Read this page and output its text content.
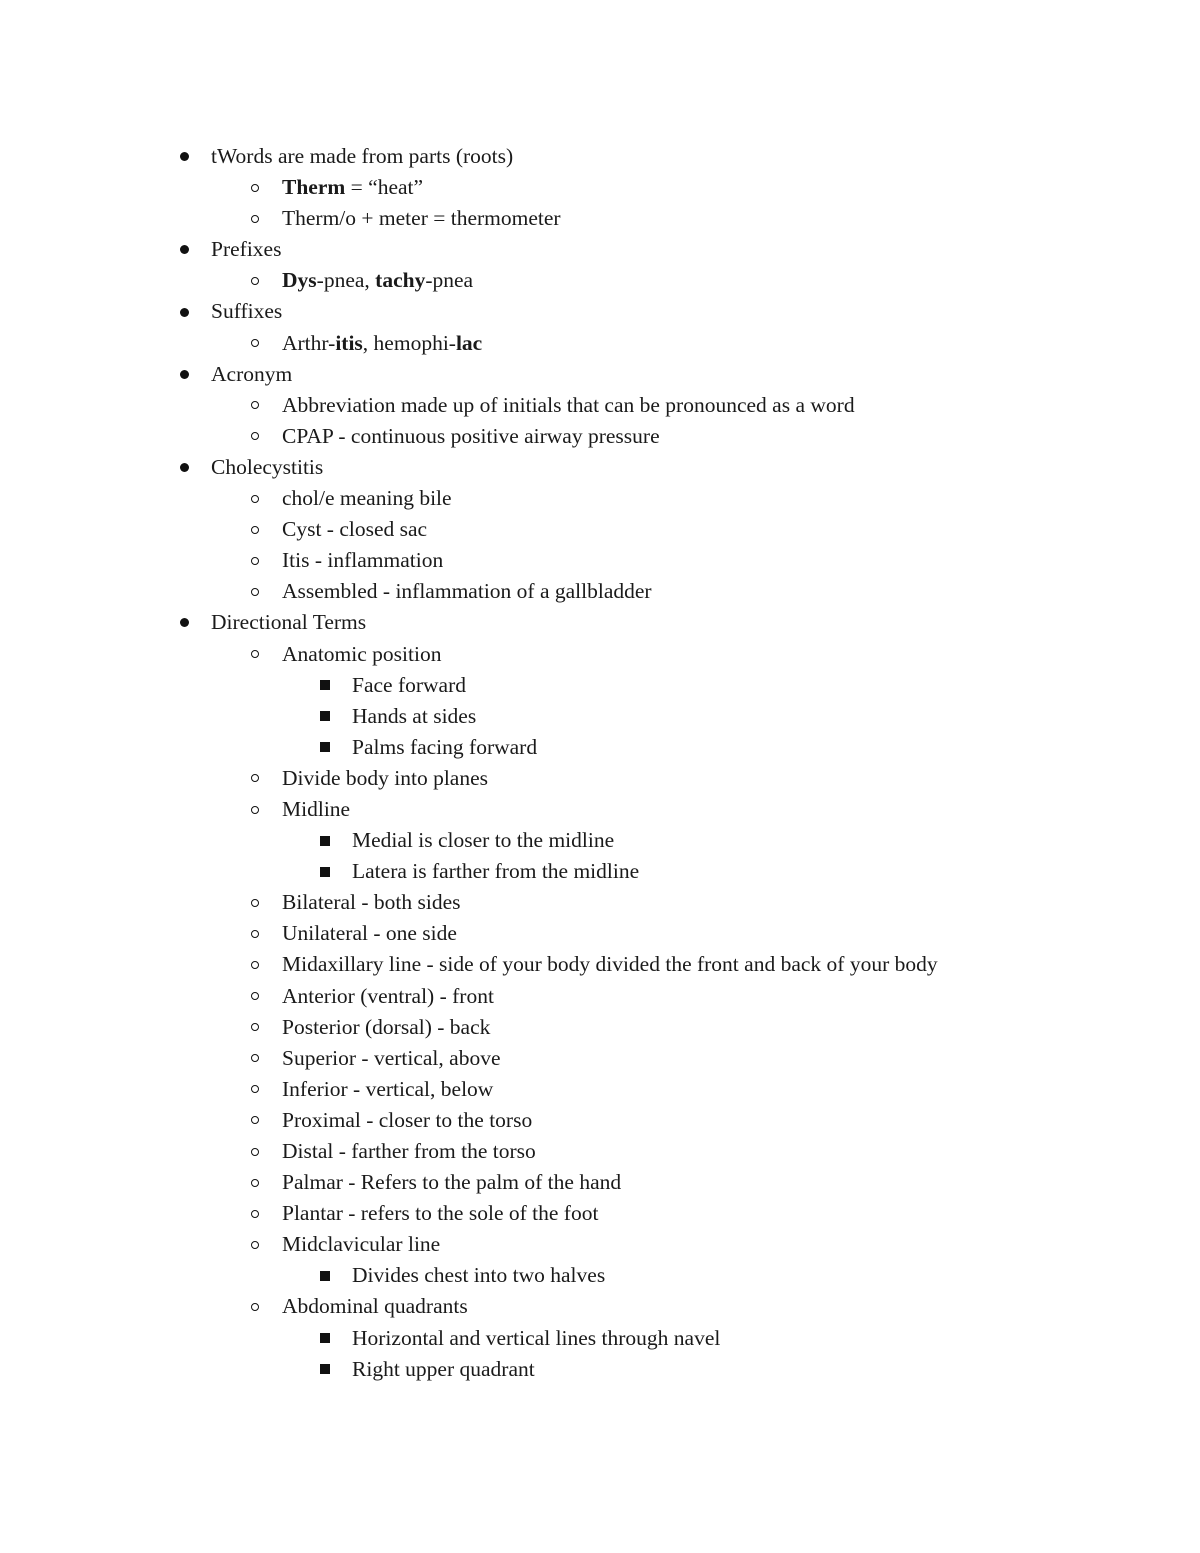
tWords are made from parts (roots)
Therm = “heat”
Therm/o + meter = thermometer
Prefixes
Dys-pnea, tachy-pnea
Suffixes
Arthr-itis, hemophi-lac
Acronym
Abbreviation made up of initials that can be pronounced as a word
CPAP - continuous positive airway pressure
Cholecystitis
chol/e meaning bile
Cyst - closed sac
Itis - inflammation
Assembled - inflammation of a gallbladder
Directional Terms
Anatomic position
Face forward
Hands at sides
Palms facing forward
Divide body into planes
Midline
Medial is closer to the midline
Latera is farther from the midline
Bilateral - both sides
Unilateral - one side
Midaxillary line - side of your body divided the front and back of your body
Anterior (ventral) - front
Posterior (dorsal) - back
Superior - vertical, above
Inferior - vertical, below
Proximal - closer to the torso
Distal - farther from the torso
Palmar - Refers to the palm of the hand
Plantar - refers to the sole of the foot
Midclavicular line
Divides chest into two halves
Abdominal quadrants
Horizontal and vertical lines through navel
Right upper quadrant
